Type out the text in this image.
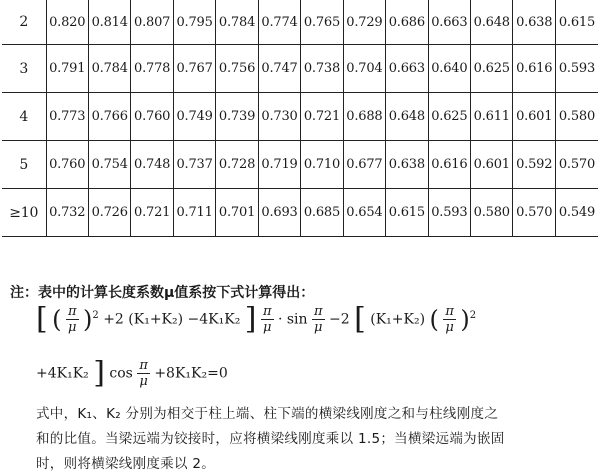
2	0.820	0.814	0.807	0.795	0.784	0.774	0.765	0.729	0.686	0.663	0.648	0.638	0.615
3	0.791	0.784	0.778	0.767	0.756	0.747	0.738	0.704	0.663	0.640	0.625	0.616	0.593
4	0.773	0.766	0.760	0.749	0.739	0.730	0.721	0.688	0.648	0.625	0.611	0.601	0.580
5	0.760	0.754	0.748	0.737	0.728	0.719	0.710	0.677	0.638	0.616	0.601	0.592	0.570
≥10	0.732	0.726	0.721	0.711	0.701	0.693	0.685	0.654	0.615	0.593	0.580	0.570	0.549
注：表中的计算长度系数μ值系按下式计算得出：
[ ( $\frac{\pi}{\mu} )^2 +2$ (K₁+K₂) −4K₁K₂ ] $\frac{\pi}{\mu} \cdot \sin \frac{\pi}{\mu} -2$ [ (K₁+K₂) ( $\frac{\pi}{\mu} )^2$
+4K₁K₂ ] $\cos \frac{\pi}{\mu} +8K_1K_2=0$
式中，K₁、K₂ 分别为相交于柱上端、柱下端的横梁线刚度之和与柱线刚度之
和的比值。当梁远端为铰接时，应将横梁线刚度乘以 1.5；当横梁远端为嵌固
时，则将横梁线刚度乘以 2。
